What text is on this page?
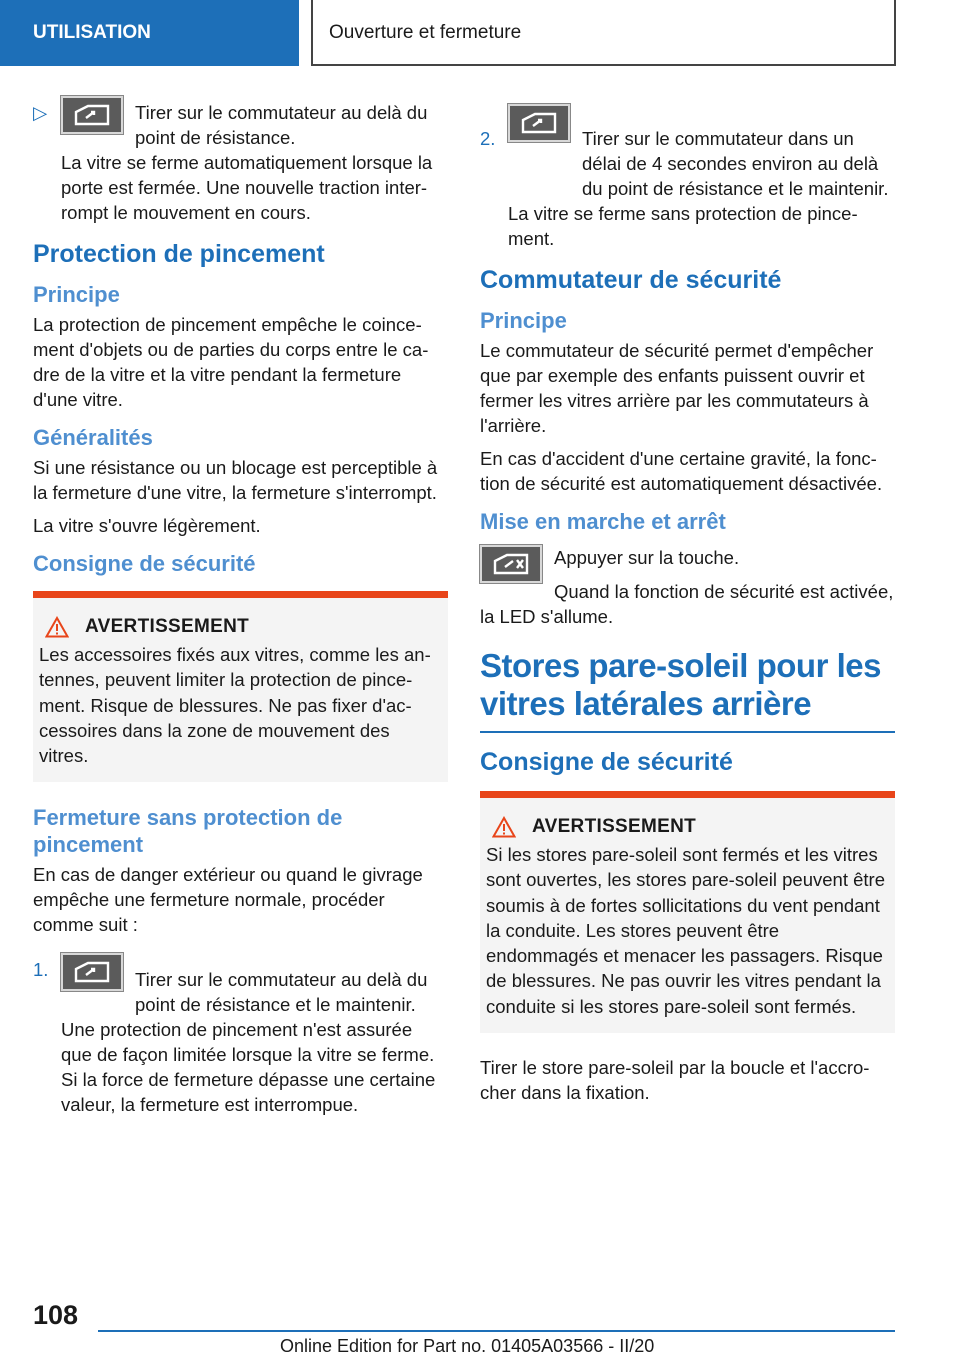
UTILISATION	Ouverture et fermeture
▷	Tirer sur le commutateur au delà du point de résistance.

La vitre se ferme automatiquement lorsque la porte est fermée. Une nouvelle traction interrompt le mouvement en cours.

Protection de pincement
Principe

La protection de pincement empêche le coincement d'objets ou de parties du corps entre le cadre de la vitre et la vitre pendant la fermeture d'une vitre.

Généralités

Si une résistance ou un blocage est perceptible à la fermeture d'une vitre, la fermeture s'interrompt.

La vitre s'ouvre légèrement.

Consigne de sécurité
AVERTISSEMENT

Les accessoires fixés aux vitres, comme les antennes, peuvent limiter la protection de pincement. Risque de blessures. Ne pas fixer d'accessoires dans la zone de mouvement des vitres.

Fermeture sans protection de pincement

En cas de danger extérieur ou quand le givrage empêche une fermeture normale, procéder comme suit :

1.	Tirer sur le commutateur au delà du point de résistance et le maintenir.

Une protection de pincement n'est assurée que de façon limitée lorsque la vitre se ferme. Si la force de fermeture dépasse une certaine valeur, la fermeture est interrompue.

2.	Tirer sur le commutateur dans un délai de 4 secondes environ au delà du point de résistance et le maintenir.

La vitre se ferme sans protection de pincement.

Commutateur de sécurité
Principe

Le commutateur de sécurité permet d'empêcher que par exemple des enfants puissent ouvrir et fermer les vitres arrière par les commutateurs à l'arrière.

En cas d'accident d'une certaine gravité, la fonction de sécurité est automatiquement désactivée.

Mise en marche et arrêt

Appuyer sur la touche.

Quand la fonction de sécurité est activée, la LED s'allume.

Stores pare-soleil pour les vitres latérales arrière
Consigne de sécurité
AVERTISSEMENT

Si les stores pare-soleil sont fermés et les vitres sont ouvertes, les stores pare-soleil peuvent être soumis à de fortes sollicitations du vent pendant la conduite. Les stores peuvent être endommagés et menacer les passagers. Risque de blessures. Ne pas ouvrir les vitres pendant la conduite si les stores pare-soleil sont fermés.

Tirer le store pare-soleil par la boucle et l'accrocher dans la fixation.

108
Online Edition for Part no. 01405A03566 - II/20
